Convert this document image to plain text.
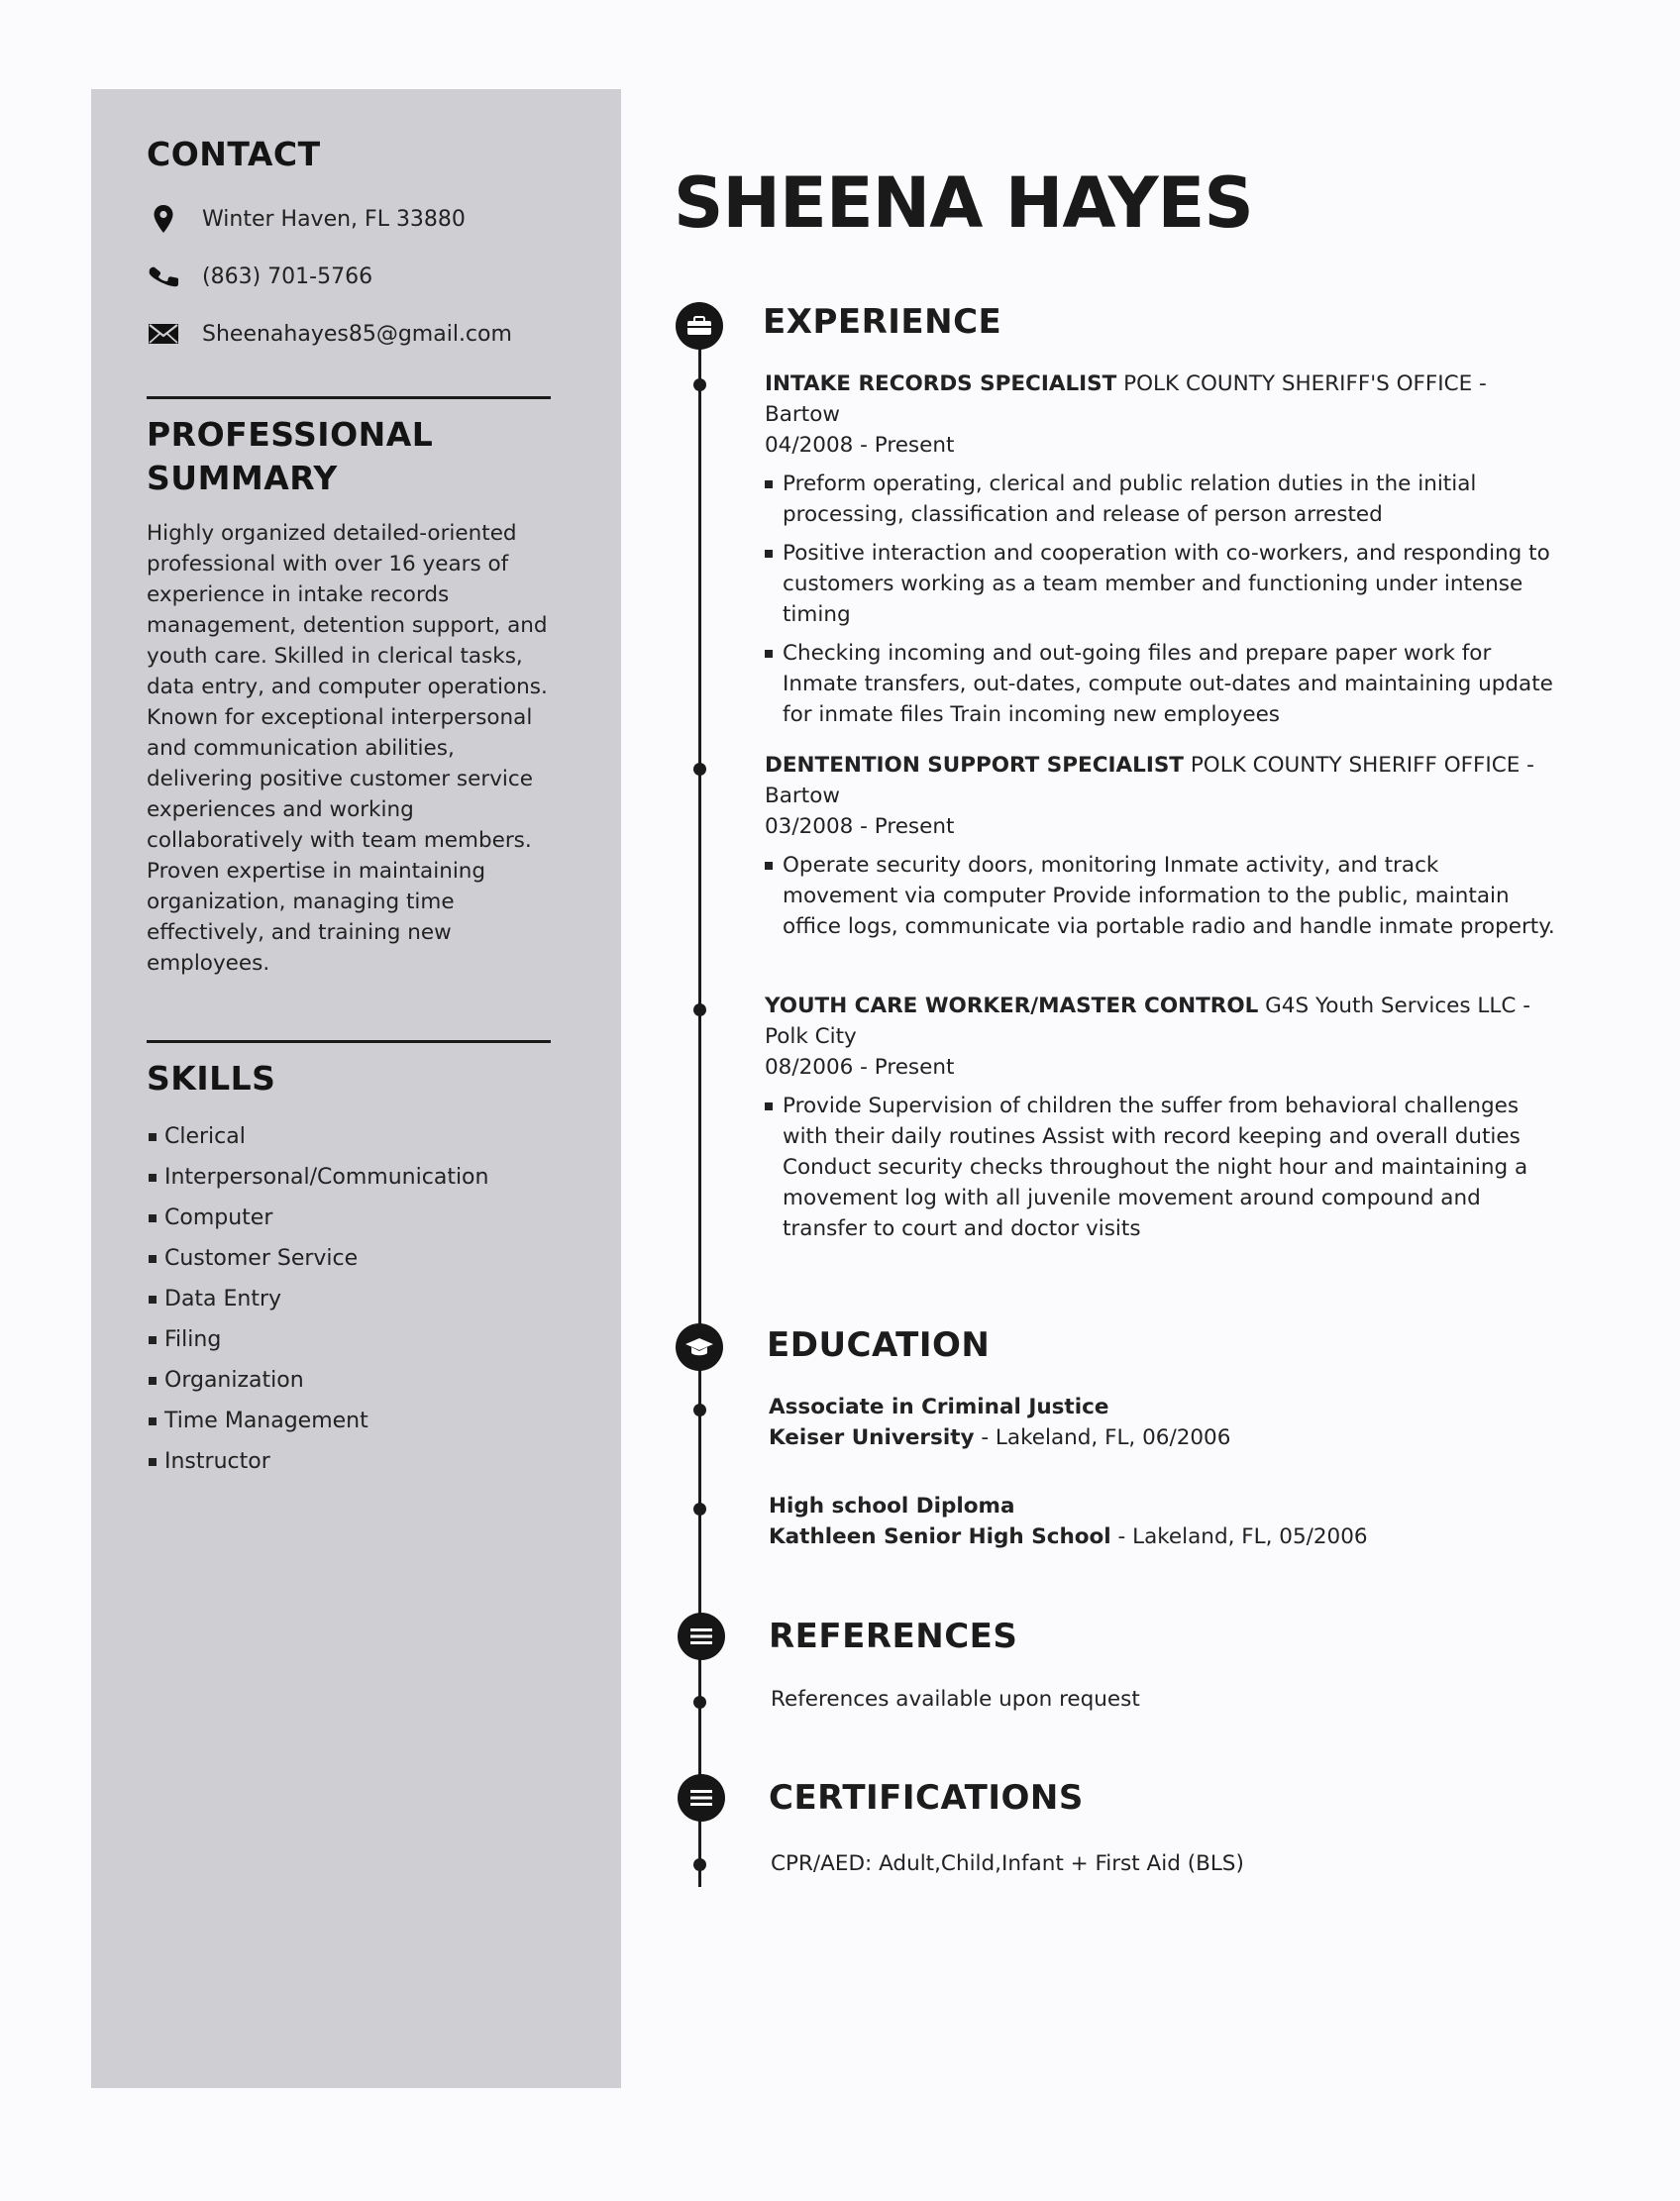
CONTACT
Winter Haven, FL 33880
(863) 701-5766
Sheenahayes85@gmail.com
PROFESSIONAL SUMMARY

Highly organized detailed-oriented professional with over 16 years of experience in intake records management, detention support, and youth care. Skilled in clerical tasks, data entry, and computer operations. Known for exceptional interpersonal and communication abilities, delivering positive customer service experiences and working collaboratively with team members. Proven expertise in maintaining organization, managing time effectively, and training new employees.

SKILLS
Clerical
Interpersonal/Communication
Computer
Customer Service
Data Entry
Filing
Organization
Time Management
Instructor
SHEENA HAYES
EXPERIENCE
INTAKE RECORDS SPECIALIST POLK COUNTY SHERIFF'S OFFICE - Bartow
04/2008 - Present
Preform operating, clerical and public relation duties in the initial processing, classification and release of person arrested
Positive interaction and cooperation with co-workers, and responding to customers working as a team member and functioning under intense timing
Checking incoming and out-going files and prepare paper work for Inmate transfers, out-dates, compute out-dates and maintaining update for inmate files Train incoming new employees
DENTENTION SUPPORT SPECIALIST POLK COUNTY SHERIFF OFFICE - Bartow
03/2008 - Present
Operate security doors, monitoring Inmate activity, and track movement via computer Provide information to the public, maintain office logs, communicate via portable radio and handle inmate property.
YOUTH CARE WORKER/MASTER CONTROL G4S Youth Services LLC - Polk City
08/2006 - Present
Provide Supervision of children the suffer from behavioral challenges with their daily routines Assist with record keeping and overall duties Conduct security checks throughout the night hour and maintaining a movement log with all juvenile movement around compound and transfer to court and doctor visits
EDUCATION
Associate in Criminal Justice
Keiser University - Lakeland, FL, 06/2006
High school Diploma
Kathleen Senior High School - Lakeland, FL, 05/2006
REFERENCES
References available upon request
CERTIFICATIONS
CPR/AED: Adult,Child,Infant + First Aid (BLS)
